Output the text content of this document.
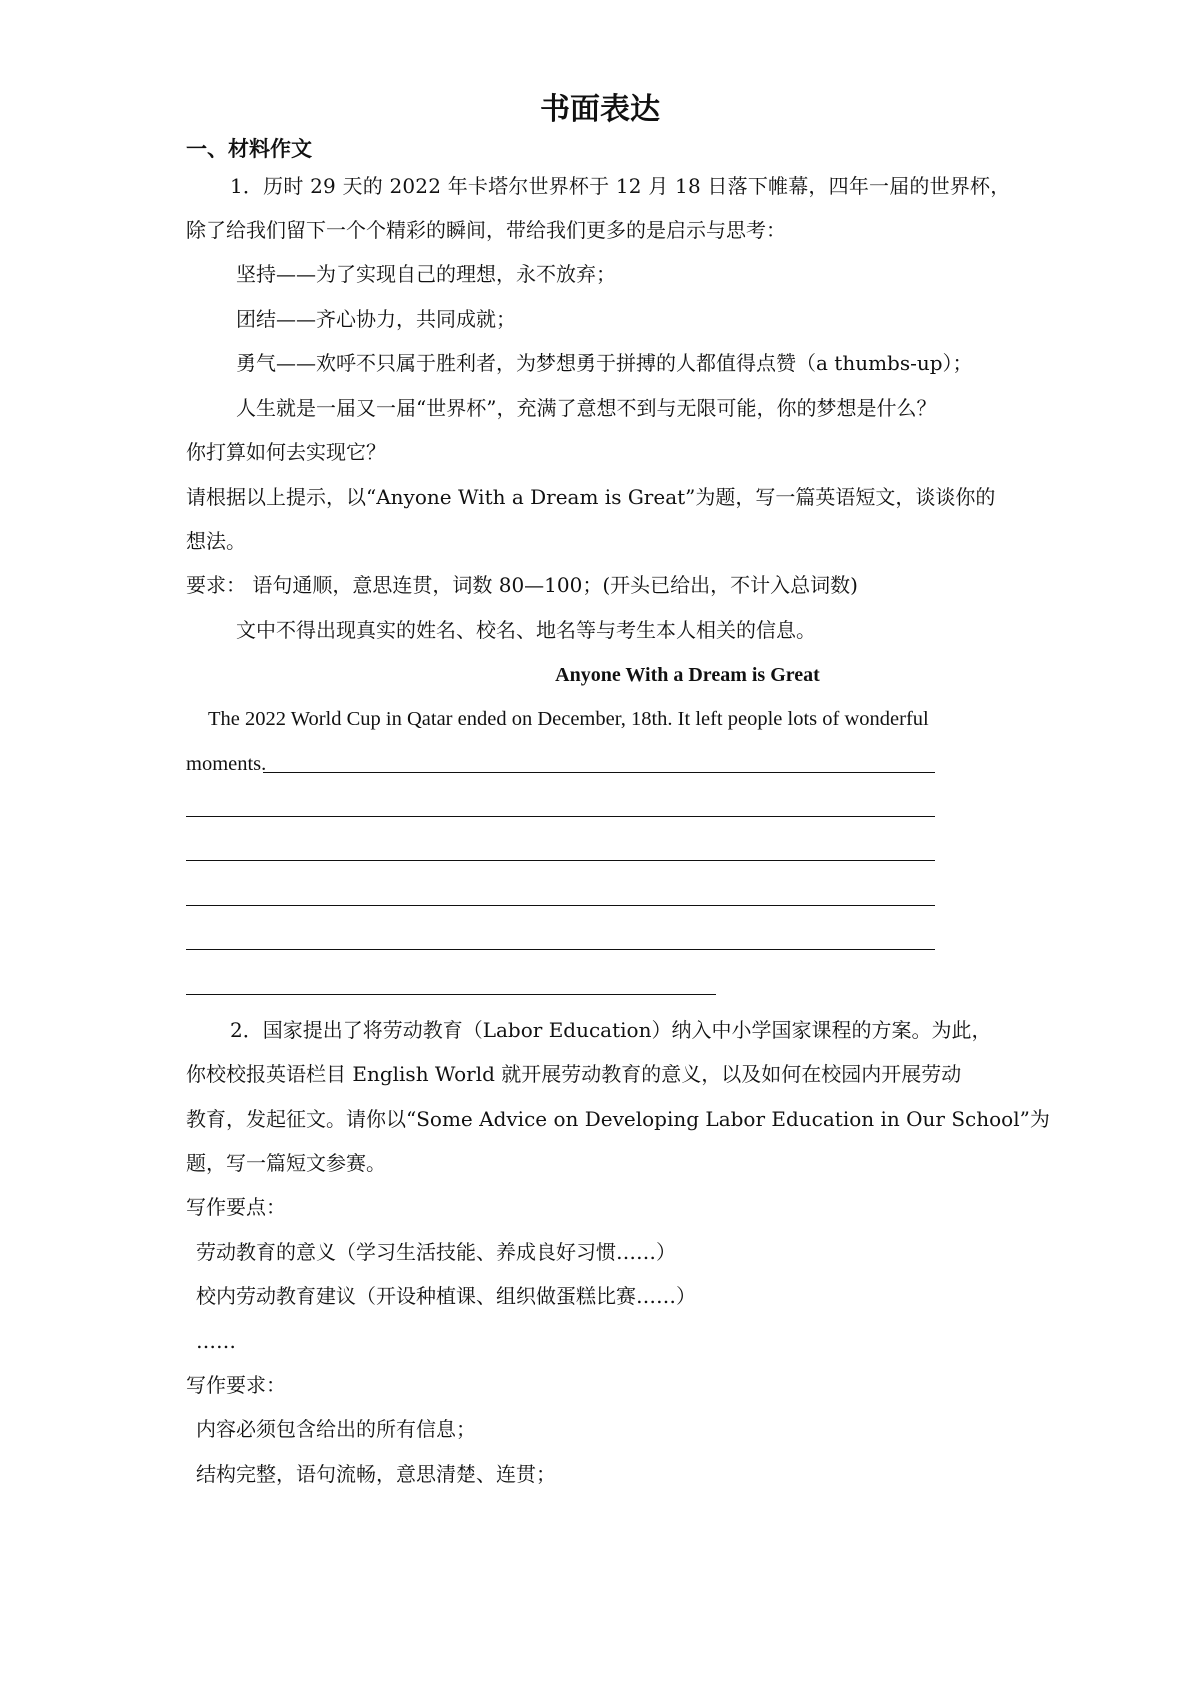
书面表达
一、材料作文
1．历时 29 天的 2022 年卡塔尔世界杯于 12 月 18 日落下帷幕，四年一届的世界杯，
除了给我们留下一个个精彩的瞬间，带给我们更多的是启示与思考：
坚持——为了实现自己的理想，永不放弃；
团结——齐心协力，共同成就；
勇气——欢呼不只属于胜利者，为梦想勇于拼搏的人都值得点赞（a thumbs-up）；
人生就是一届又一届“世界杯”，充满了意想不到与无限可能，你的梦想是什么？
你打算如何去实现它？
请根据以上提示，以“Anyone With a Dream is Great”为题，写一篇英语短文，谈谈你的
想法。
要求： 语句通顺，意思连贯，词数 80—100；(开头已给出，不计入总词数)
文中不得出现真实的姓名、校名、地名等与考生本人相关的信息。
Anyone With a Dream is Great
The 2022 World Cup in Qatar ended on December, 18th. It left people lots of wonderful
moments.
2．国家提出了将劳动教育（Labor Education）纳入中小学国家课程的方案。为此，
你校校报英语栏目 English World 就开展劳动教育的意义，以及如何在校园内开展劳动
教育，发起征文。请你以“Some Advice on Developing Labor Education in Our School”为
题，写一篇短文参赛。
写作要点：
劳动教育的意义（学习生活技能、养成良好习惯……）
校内劳动教育建议（开设种植课、组织做蛋糕比赛……）
……
写作要求：
内容必须包含给出的所有信息；
结构完整，语句流畅，意思清楚、连贯；
